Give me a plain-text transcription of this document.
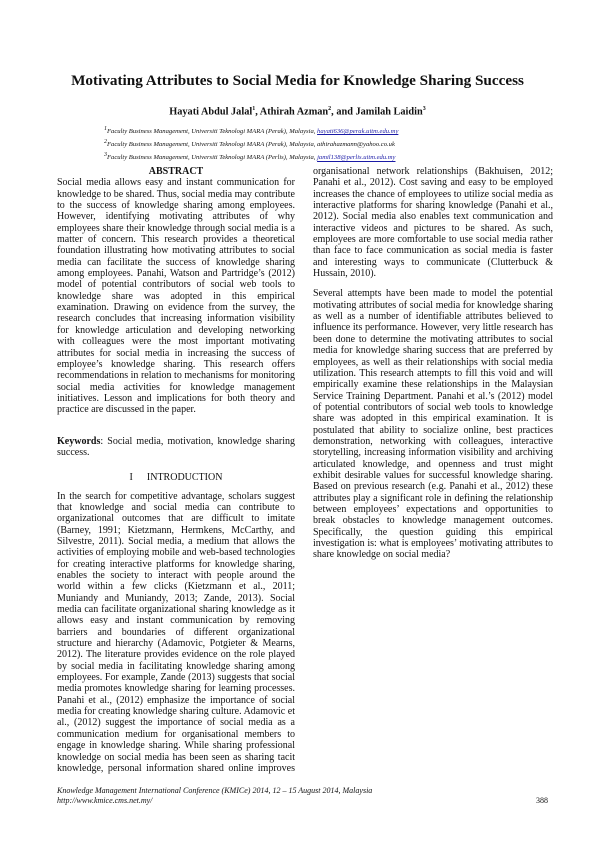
Motivating Attributes to Social Media for Knowledge Sharing Success
Hayati Abdul Jalal$^1$, Athirah Azman$^2$, and Jamilah Laidin$^3$
$^1$Faculty Business Management, Universiti Teknologi MARA (Perak), Malaysia, hayati636@perak.uitm.edu.my
$^2$Faculty Business Management, Universiti Teknologi MARA (Perak), Malaysia, athirahazmann@yahoo.co.uk
$^3$Faculty Business Management, Universiti Teknologi MARA (Perlis), Malaysia, jamil138@perlis.uitm.edu.my

ABSTRACT

Social media allows easy and instant communication for knowledge to be shared. Thus, social media may contribute to the success of knowledge sharing among employees. However, identifying motivating attributes of why employees share their knowledge through social media is a matter of concern. This research provides a theoretical foundation illustrating how motivating attributes to social media can facilitate the success of knowledge sharing among employees. Panahi, Watson and Partridge’s (2012) model of potential contributors of social web tools to knowledge share was adopted in this empirical examination. Drawing on evidence from the survey, the research concludes that increasing information visibility for knowledge articulation and developing networking with colleagues were the most important motivating attributes for social media in increasing the success of employee’s knowledge sharing. This research offers recommendations in relation to mechanisms for monitoring social media activities for knowledge management initiatives. Lesson and implications for both theory and practice are discussed in the paper.

Keywords: Social media, motivation, knowledge sharing success.

I INTRODUCTION

In the search for competitive advantage, scholars suggest that knowledge and social media can contribute to organizational outcomes that are difficult to imitate (Barney, 1991; Kietzmann, Hermkens, McCarthy, and Silvestre, 2011). Social media, a medium that allows the activities of employing mobile and web-based technologies for creating interactive platforms for knowledge sharing, enables the society to interact with people around the world within a few clicks (Kietzmann et al., 2011; Muniandy and Muniandy, 2013; Zande, 2013). Social media can facilitate organizational sharing knowledge as it allows easy and instant communication by removing barriers and boundaries of different organizational structure and hierarchy (Adamovic, Potgieter & Mearns, 2012). The literature provides evidence on the role played by social media in facilitating knowledge sharing among employees. For example, Zande (2013) suggests that social media promotes knowledge sharing for learning processes. Panahi et al., (2012) emphasize the importance of social media for creating knowledge sharing culture. Adamovic et al., (2012) suggest the importance of social media as a communication medium for organisational members to engage in knowledge sharing. While sharing professional knowledge on social media has been seen as sharing tacit knowledge, personal information shared online improves

Knowledge Management International Conference (KMICe) 2014, 12 – 15 August 2014, Malaysia
http://www.kmice.cms.net.my/	388

organisational network relationships (Bakhuisen, 2012; Panahi et al., 2012). Cost saving and easy to be employed increases the chance of employees to utilize social media as interactive platforms for sharing knowledge (Panahi et al., 2012). Social media also enables text communication and interactive videos and pictures to be shared. As such, employees are more comfortable to use social media rather than face to face communication as social media is faster and interesting ways to communicate (Clutterbuck & Hussain, 2010).

Several attempts have been made to model the potential motivating attributes of social media for knowledge sharing as well as a number of identifiable attributes believed to influence its performance. However, very little research has been done to determine the motivating attributes to social media for knowledge sharing success that are preferred by employees, as well as their relationships with social media utilization. This research attempts to fill this void and will empirically examine these relationships in the Malaysian Service Training Department. Panahi et al.’s (2012) model of potential contributors of social web tools to knowledge share was adopted in this empirical examination. It is postulated that ability to socialize online, best practices demonstration, networking with colleagues, interactive storytelling, increasing information visibility and archiving articulated knowledge, and openness and trust might exhibit desirable values for successful knowledge sharing. Based on previous research (e.g. Panahi et al., 2012) these attributes play a significant role in defining the relationship between employees’ expectations and opportunities to break obstacles to knowledge management outcomes. Specifically, the question guiding this empirical investigation is: what is employees’ motivating attributes to share knowledge on social media?
